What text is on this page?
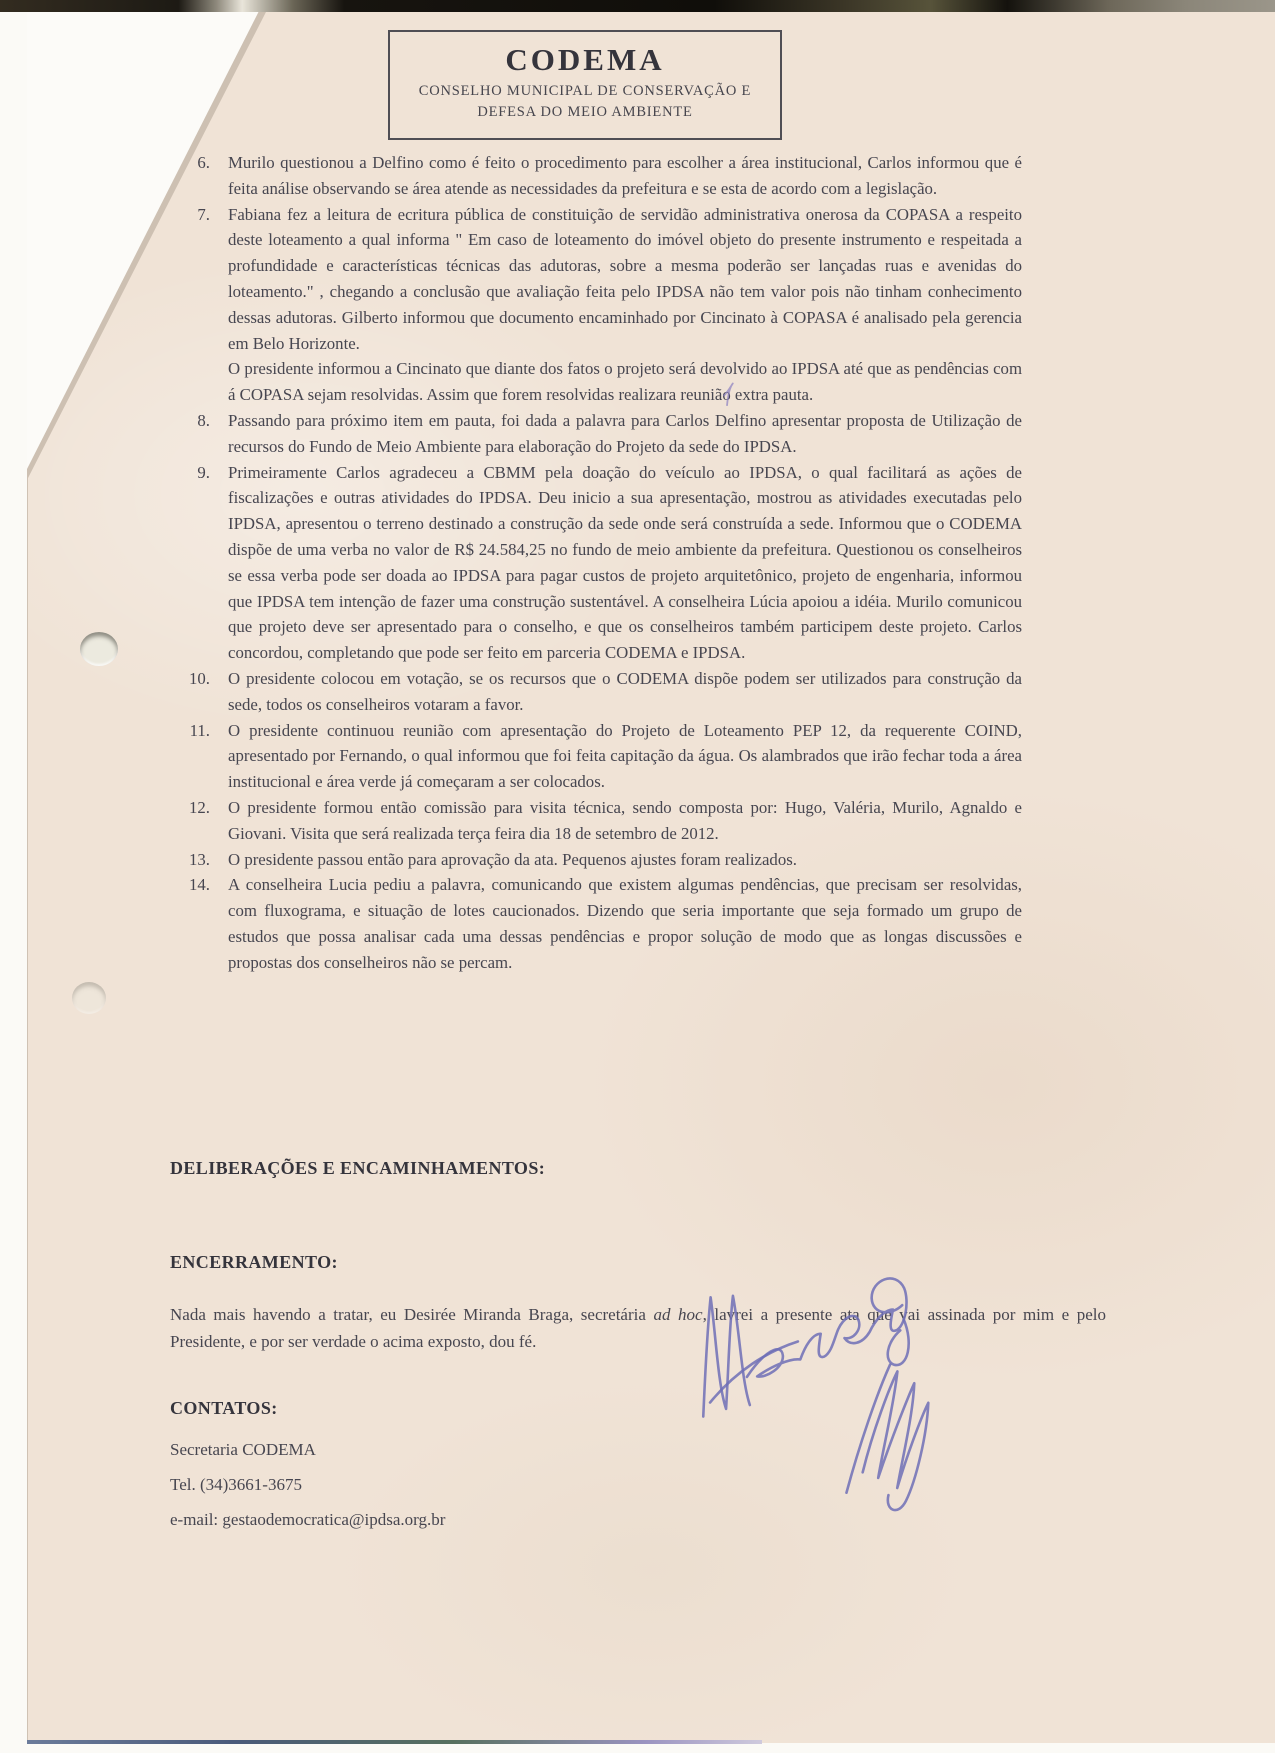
CODEMA
CONSELHO MUNICIPAL DE CONSERVAÇÃO E
DEFESA DO MEIO AMBIENTE
6. Murilo questionou a Delfino como é feito o procedimento para escolher a área institucional, Carlos informou que é feita análise observando se área atende as necessidades da prefeitura e se esta de acordo com a legislação.

7. Fabiana fez a leitura de ecritura pública de constituição de servidão administrativa onerosa da COPASA a respeito deste loteamento a qual informa " Em caso de loteamento do imóvel objeto do presente instrumento e respeitada a profundidade e características técnicas das adutoras, sobre a mesma poderão ser lançadas ruas e avenidas do loteamento." , chegando a conclusão que avaliação feita pelo IPDSA não tem valor pois não tinham conhecimento dessas adutoras. Gilberto informou que documento encaminhado por Cincinato à COPASA é analisado pela gerencia em Belo Horizonte.

O presidente informou a Cincinato que diante dos fatos o projeto será devolvido ao IPDSA até que as pendências com á COPASA sejam resolvidas. Assim que forem resolvidas realizara reunião extra pauta.

8. Passando para próximo item em pauta, foi dada a palavra para Carlos Delfino apresentar proposta de Utilização de recursos do Fundo de Meio Ambiente para elaboração do Projeto da sede do IPDSA.

9. Primeiramente Carlos agradeceu a CBMM pela doação do veículo ao IPDSA, o qual facilitará as ações de fiscalizações e outras atividades do IPDSA. Deu inicio a sua apresentação, mostrou as atividades executadas pelo IPDSA, apresentou o terreno destinado a construção da sede onde será construída a sede. Informou que o CODEMA dispõe de uma verba no valor de R$ 24.584,25 no fundo de meio ambiente da prefeitura. Questionou os conselheiros se essa verba pode ser doada ao IPDSA para pagar custos de projeto arquitetônico, projeto de engenharia, informou que IPDSA tem intenção de fazer uma construção sustentável. A conselheira Lúcia apoiou a idéia. Murilo comunicou que projeto deve ser apresentado para o conselho, e que os conselheiros também participem deste projeto. Carlos concordou, completando que pode ser feito em parceria CODEMA e IPDSA.

10. O presidente colocou em votação, se os recursos que o CODEMA dispõe podem ser utilizados para construção da sede, todos os conselheiros votaram a favor.

11. O presidente continuou reunião com apresentação do Projeto de Loteamento PEP 12, da requerente COIND, apresentado por Fernando, o qual informou que foi feita capitação da água. Os alambrados que irão fechar toda a área institucional e área verde já começaram a ser colocados.

12. O presidente formou então comissão para visita técnica, sendo composta por: Hugo, Valéria, Murilo, Agnaldo e Giovani. Visita que será realizada terça feira dia 18 de setembro de 2012.

13. O presidente passou então para aprovação da ata. Pequenos ajustes foram realizados.

14. A conselheira Lucia pediu a palavra, comunicando que existem algumas pendências, que precisam ser resolvidas, com fluxograma, e situação de lotes caucionados. Dizendo que seria importante que seja formado um grupo de estudos que possa analisar cada uma dessas pendências e propor solução de modo que as longas discussões e propostas dos conselheiros não se percam.

DELIBERAÇÕES E ENCAMINHAMENTOS:
ENCERRAMENTO:

Nada mais havendo a tratar, eu Desirée Miranda Braga, secretária ad hoc, lavrei a presente ata que vai assinada por mim e pelo Presidente, e por ser verdade o acima exposto, dou fé.

CONTATOS:
Secretaria CODEMA
Tel. (34)3661-3675
e-mail: gestaodemocratica@ipdsa.org.br
